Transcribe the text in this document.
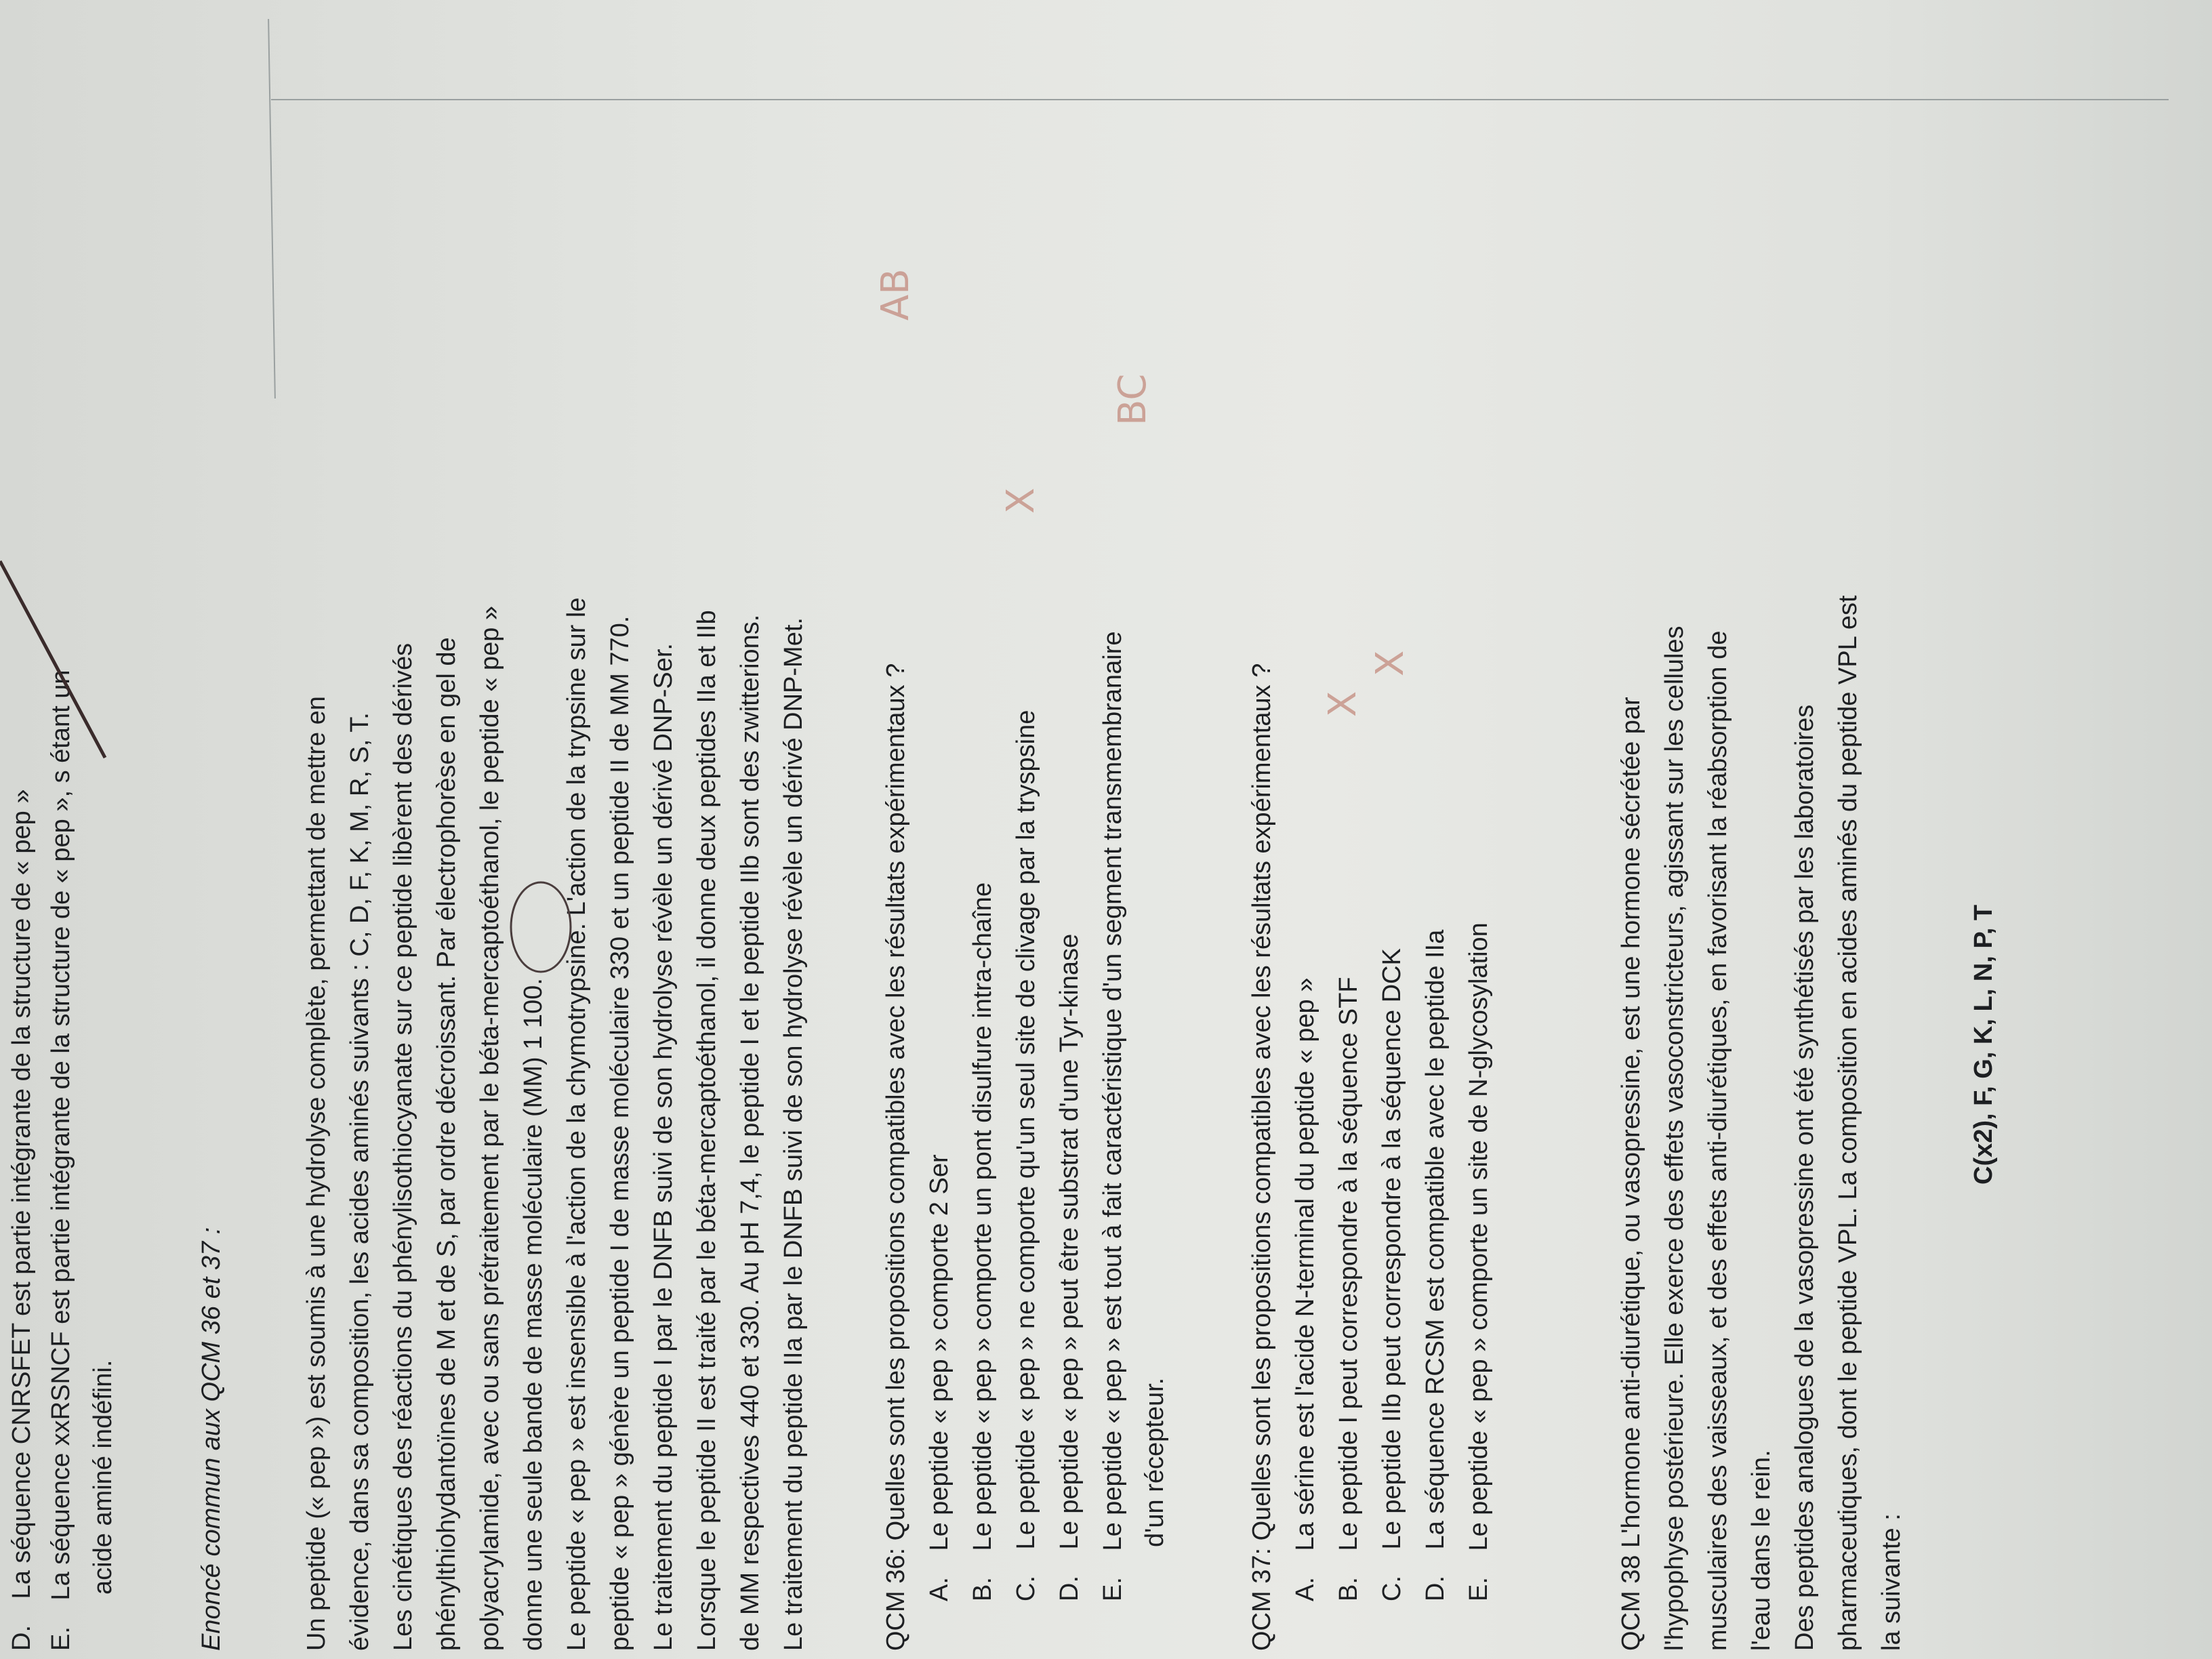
D. La séquence CNRSFET est partie intégrante de la structure de « pep »
E. La séquence xxRSNCF est partie intégrante de la structure de « pep », s étant un acide aminé indéfini.	Enoncé commun aux QCM 36 et 37 :	Un peptide (« pep ») est soumis à une hydrolyse complète, permettant de mettre en évidence, dans sa composition, les acides aminés suivants : C, D, F, K, M, R, S, T. Les cinétiques des réactions du phénylisothiocyanate sur ce peptide libèrent des dérivés phénylthiohydantoïnes de M et de S, par ordre décroissant. Par électrophorèse en gel de polyacrylamide, avec ou sans prétraitement par le béta-mercaptoéthanol, le peptide « pep » donne une seule bande de masse moléculaire (MM) 1 100. Le peptide « pep » est insensible à l'action de la chymotrypsine. L'action de la trypsine sur le peptide « pep » génère un peptide I de masse moléculaire 330 et un peptide II de MM 770. Le traitement du peptide I par le DNFB suivi de son hydrolyse révèle un dérivé DNP-Ser. Lorsque le peptide II est traité par le béta-mercaptoéthanol, il donne deux peptides IIa et IIb de MM respectives 440 et 330. Au pH 7,4, le peptide I et le peptide IIb sont des zwitterions. Le traitement du peptide IIa par le DNFB suivi de son hydrolyse révèle un dérivé DNP-Met.	QCM 36: Quelles sont les propositions compatibles avec les résultats expérimentaux ? A. Le peptide « pep » comporte 2 Ser
B. Le peptide « pep » comporte un pont disulfure intra-chaîne
C. Le peptide « pep » ne comporte qu'un seul site de clivage par la tryspsine
D. Le peptide « pep » peut être substrat d'une Tyr-kinase
E. Le peptide « pep » est tout à fait caractéristique d'un segment transmembranaire d'un récepteur.
AB
BC
X
QCM 37: Quelles sont les propositions compatibles avec les résultats expérimentaux ? A. La sérine est l'acide N-terminal du peptide « pep »
B. Le peptide I peut correspondre à la séquence STF
C. Le peptide IIb peut correspondre à la séquence DCK
D. La séquence RCSM est compatible avec le peptide IIa
E. Le peptide « pep » comporte un site de N-glycosylation
X
X
QCM 38 L'hormone anti-diurétique, ou vasopressine, est une hormone sécrétée par l'hypophyse postérieure. Elle exerce des effets vasoconstricteurs, agissant sur les cellules musculaires des vaisseaux, et des effets anti-diurétiques, en favorisant la réabsorption de l'eau dans le rein. Des peptides analogues de la vasopressine ont été synthétisés par les laboratoires pharmaceutiques, dont le peptide VPL. La composition en acides aminés du peptide VPL est la suivante :
C(x2), F, G, K, L, N, P, T
